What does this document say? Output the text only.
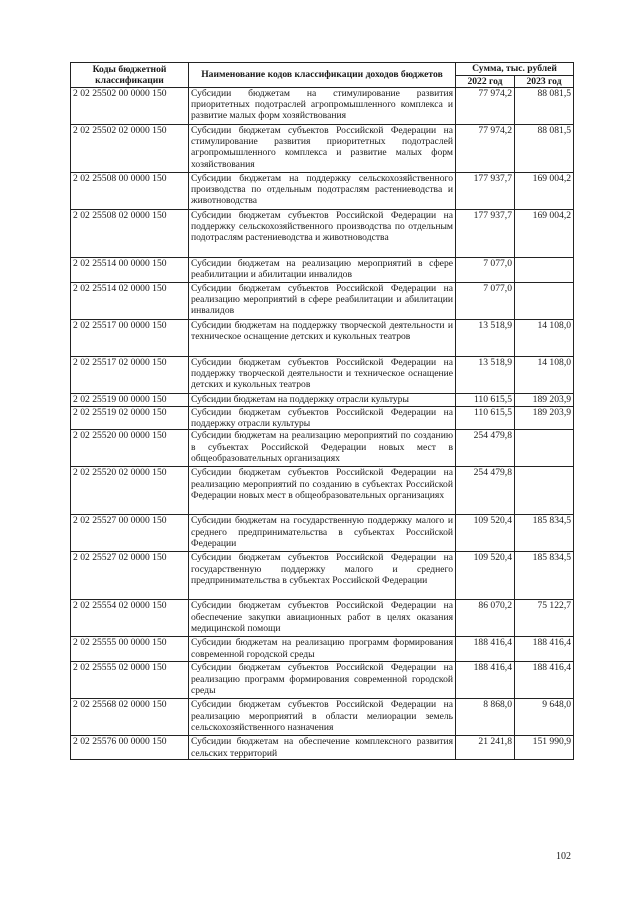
Коды бюджетной классификации	Наименование кодов классификации доходов бюджетов	Сумма, тыс. рублей	
		2022 год	2023 год
2 02 25502 00 0000 150	Субсидии бюджетам на стимулирование развития приоритетных подотраслей агропромышленного комплекса и развитие малых форм хозяйствования	77 974,2	88 081,5
2 02 25502 02 0000 150	Субсидии бюджетам субъектов Российской Федерации на стимулирование развития приоритетных подотраслей агропромышленного комплекса и развитие малых форм хозяйствования	77 974,2	88 081,5
2 02 25508 00 0000 150	Субсидии бюджетам на поддержку сельскохозяйственного производства по отдельным подотраслям растениеводства и животноводства	177 937,7	169 004,2
2 02 25508 02 0000 150	Субсидии бюджетам субъектов Российской Федерации на поддержку сельскохозяйственного производства по отдельным подотраслям растениеводства и животноводства	177 937,7	169 004,2
2 02 25514 00 0000 150	Субсидии бюджетам на реализацию мероприятий в сфере реабилитации и абилитации инвалидов	7 077,0	
2 02 25514 02 0000 150	Субсидии бюджетам субъектов Российской Федерации на реализацию мероприятий в сфере реабилитации и абилитации инвалидов	7 077,0	
2 02 25517 00 0000 150	Субсидии бюджетам на поддержку творческой деятельности и техническое оснащение детских и кукольных театров	13 518,9	14 108,0
2 02 25517 02 0000 150	Субсидии бюджетам субъектов Российской Федерации на поддержку творческой деятельности и техническое оснащение детских и кукольных театров	13 518,9	14 108,0
2 02 25519 00 0000 150	Субсидии бюджетам на поддержку отрасли культуры	110 615,5	189 203,9
2 02 25519 02 0000 150	Субсидии бюджетам субъектов Российской Федерации на поддержку отрасли культуры	110 615,5	189 203,9
2 02 25520 00 0000 150	Субсидии бюджетам на реализацию мероприятий по созданию в субъектах Российской Федерации новых мест в общеобразовательных организациях	254 479,8	
2 02 25520 02 0000 150	Субсидии бюджетам субъектов Российской Федерации на реализацию мероприятий по созданию в субъектах Российской Федерации новых мест в общеобразовательных организациях	254 479,8	
2 02 25527 00 0000 150	Субсидии бюджетам на государственную поддержку малого и среднего предпринимательства в субъектах Российской Федерации	109 520,4	185 834,5
2 02 25527 02 0000 150	Субсидии бюджетам субъектов Российской Федерации на государственную поддержку малого и среднего предпринимательства в субъектах Российской Федерации	109 520,4	185 834,5
2 02 25554 02 0000 150	Субсидии бюджетам субъектов Российской Федерации на обеспечение закупки авиационных работ в целях оказания медицинской помощи	86 070,2	75 122,7
2 02 25555 00 0000 150	Субсидии бюджетам на реализацию программ формирования современной городской среды	188 416,4	188 416,4
2 02 25555 02 0000 150	Субсидии бюджетам субъектов Российской Федерации на реализацию программ формирования современной городской среды	188 416,4	188 416,4
2 02 25568 02 0000 150	Субсидии бюджетам субъектов Российской Федерации на реализацию мероприятий в области мелиорации земель сельскохозяйственного назначения	8 868,0	9 648,0
2 02 25576 00 0000 150	Субсидии бюджетам на обеспечение комплексного развития сельских территорий	21 241,8	151 990,9
102
